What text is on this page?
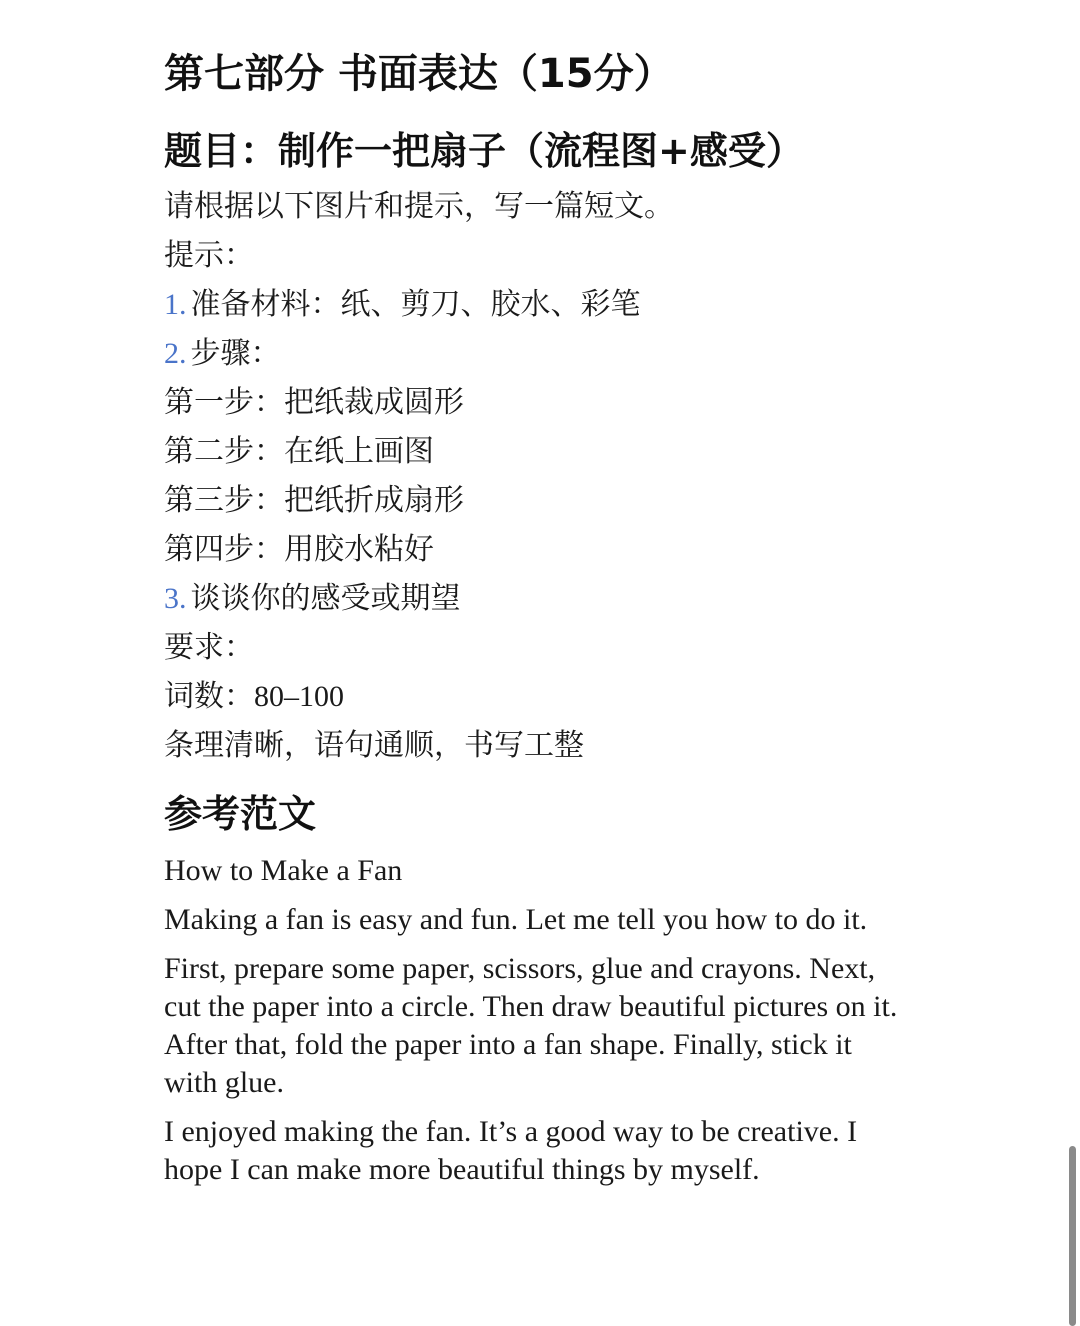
第七部分 书面表达（15分）
题目：制作一把扇子（流程图+感受）
请根据以下图片和提示，写一篇短文。
提示：
1. 准备材料：纸、剪刀、胶水、彩笔
2. 步骤：
第一步：把纸裁成圆形
第二步：在纸上画图
第三步：把纸折成扇形
第四步：用胶水粘好
3. 谈谈你的感受或期望
要求：
词数：80–100
条理清晰，语句通顺，书写工整
参考范文

How to Make a Fan

Making a fan is easy and fun. Let me tell you how to do it.

First, prepare some paper, scissors, glue and crayons. Next, cut the paper into a circle. Then draw beautiful pictures on it. After that, fold the paper into a fan shape. Finally, stick it with glue.

I enjoyed making the fan. It’s a good way to be creative. I hope I can make more beautiful things by myself.
